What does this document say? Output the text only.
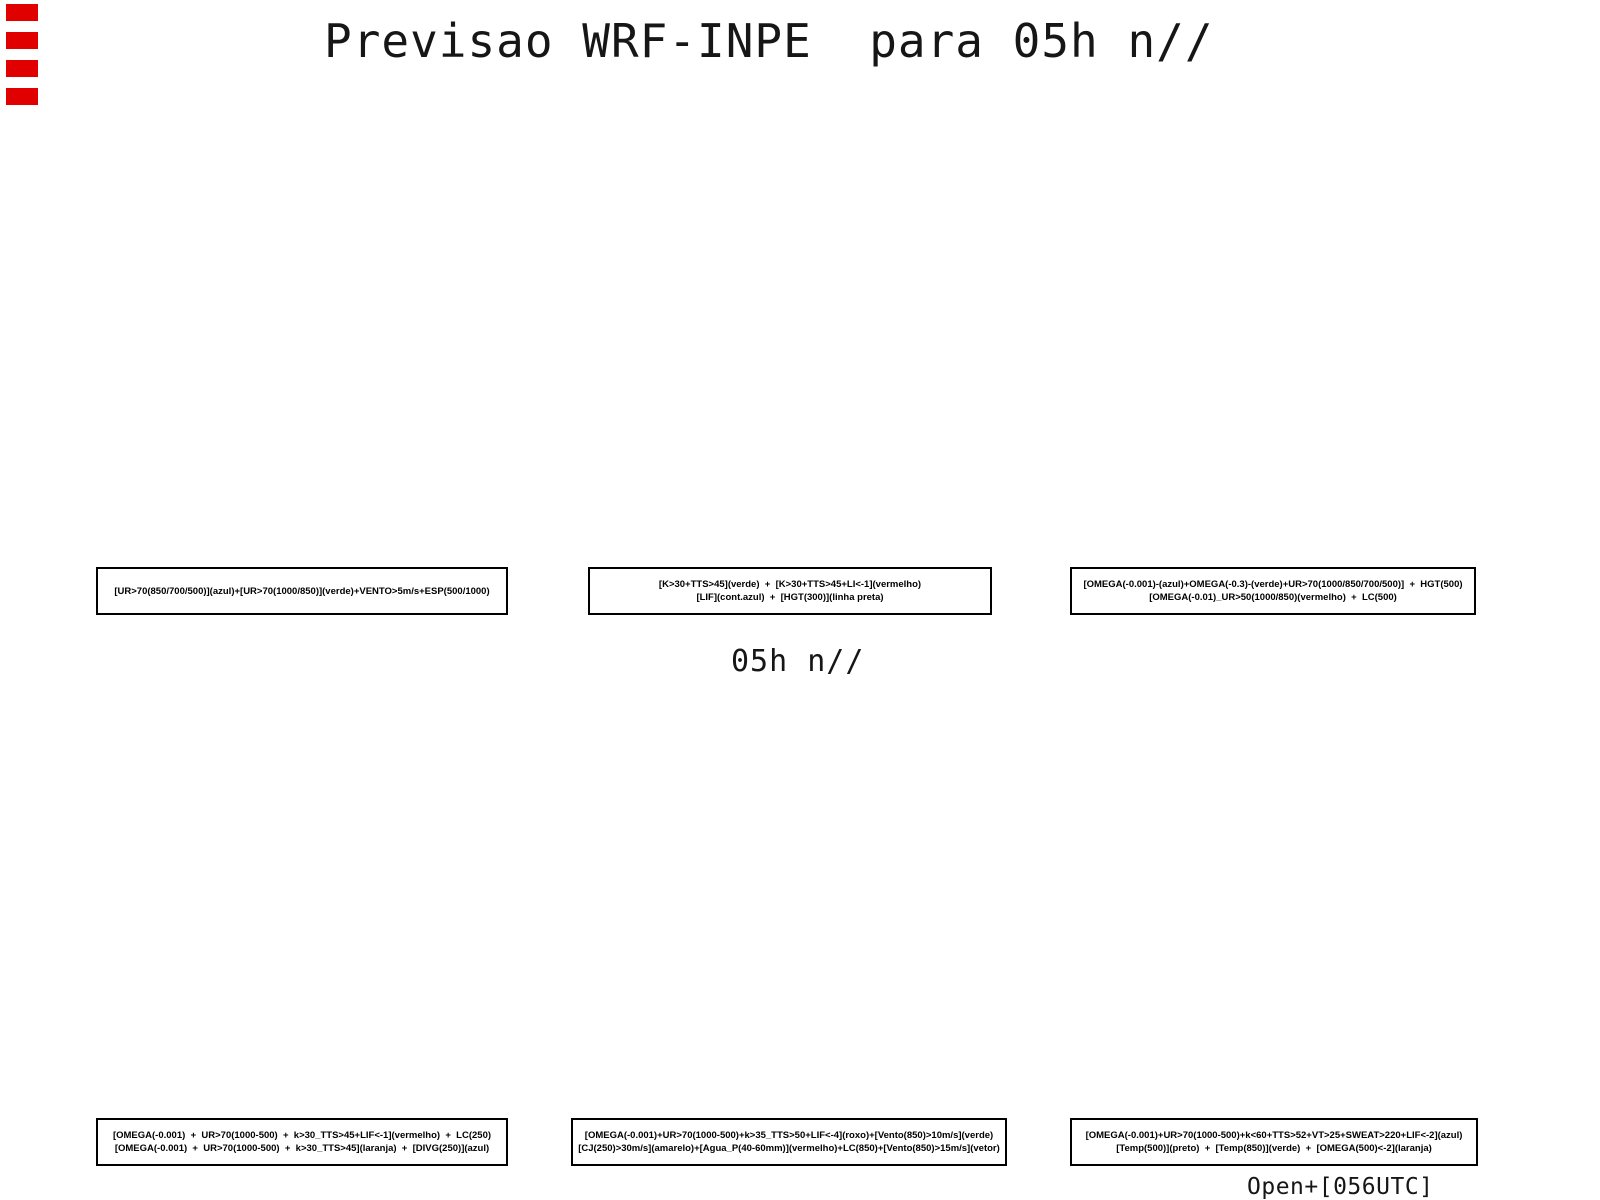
Previsao WRF-INPE  para 05h n//
[UR>70(850/700/500)](azul)+[UR>70(1000/850)](verde)+VENTO>5m/s+ESP(500/1000)
[K>30+TTS>45](verde)  +  [K>30+TTS>45+LI<-1](vermelho)
[LIF](cont.azul)  +  [HGT(300)](linha preta)
[OMEGA(-0.001)-(azul)+OMEGA(-0.3)-(verde)+UR>70(1000/850/700/500)]  +  HGT(500)
[OMEGA(-0.01)_UR>50(1000/850)(vermelho)  +  LC(500)
05h n//
[OMEGA(-0.001)  +  UR>70(1000-500)  +  k>30_TTS>45+LIF<-1](vermelho)  +  LC(250)
[OMEGA(-0.001)  +  UR>70(1000-500)  +  k>30_TTS>45](laranja)  +  [DIVG(250)](azul)
[OMEGA(-0.001)+UR>70(1000-500)+k>35_TTS>50+LIF<-4](roxo)+[Vento(850)>10m/s](verde)
[CJ(250)>30m/s](amarelo)+[Agua_P(40-60mm)](vermelho)+LC(850)+[Vento(850)>15m/s](vetor)
[OMEGA(-0.001)+UR>70(1000-500)+k<60+TTS>52+VT>25+SWEAT>220+LIF<-2](azul)
[Temp(500)](preto)  +  [Temp(850)](verde)  +  [OMEGA(500)<-2](laranja)
Open+[056UTC]
